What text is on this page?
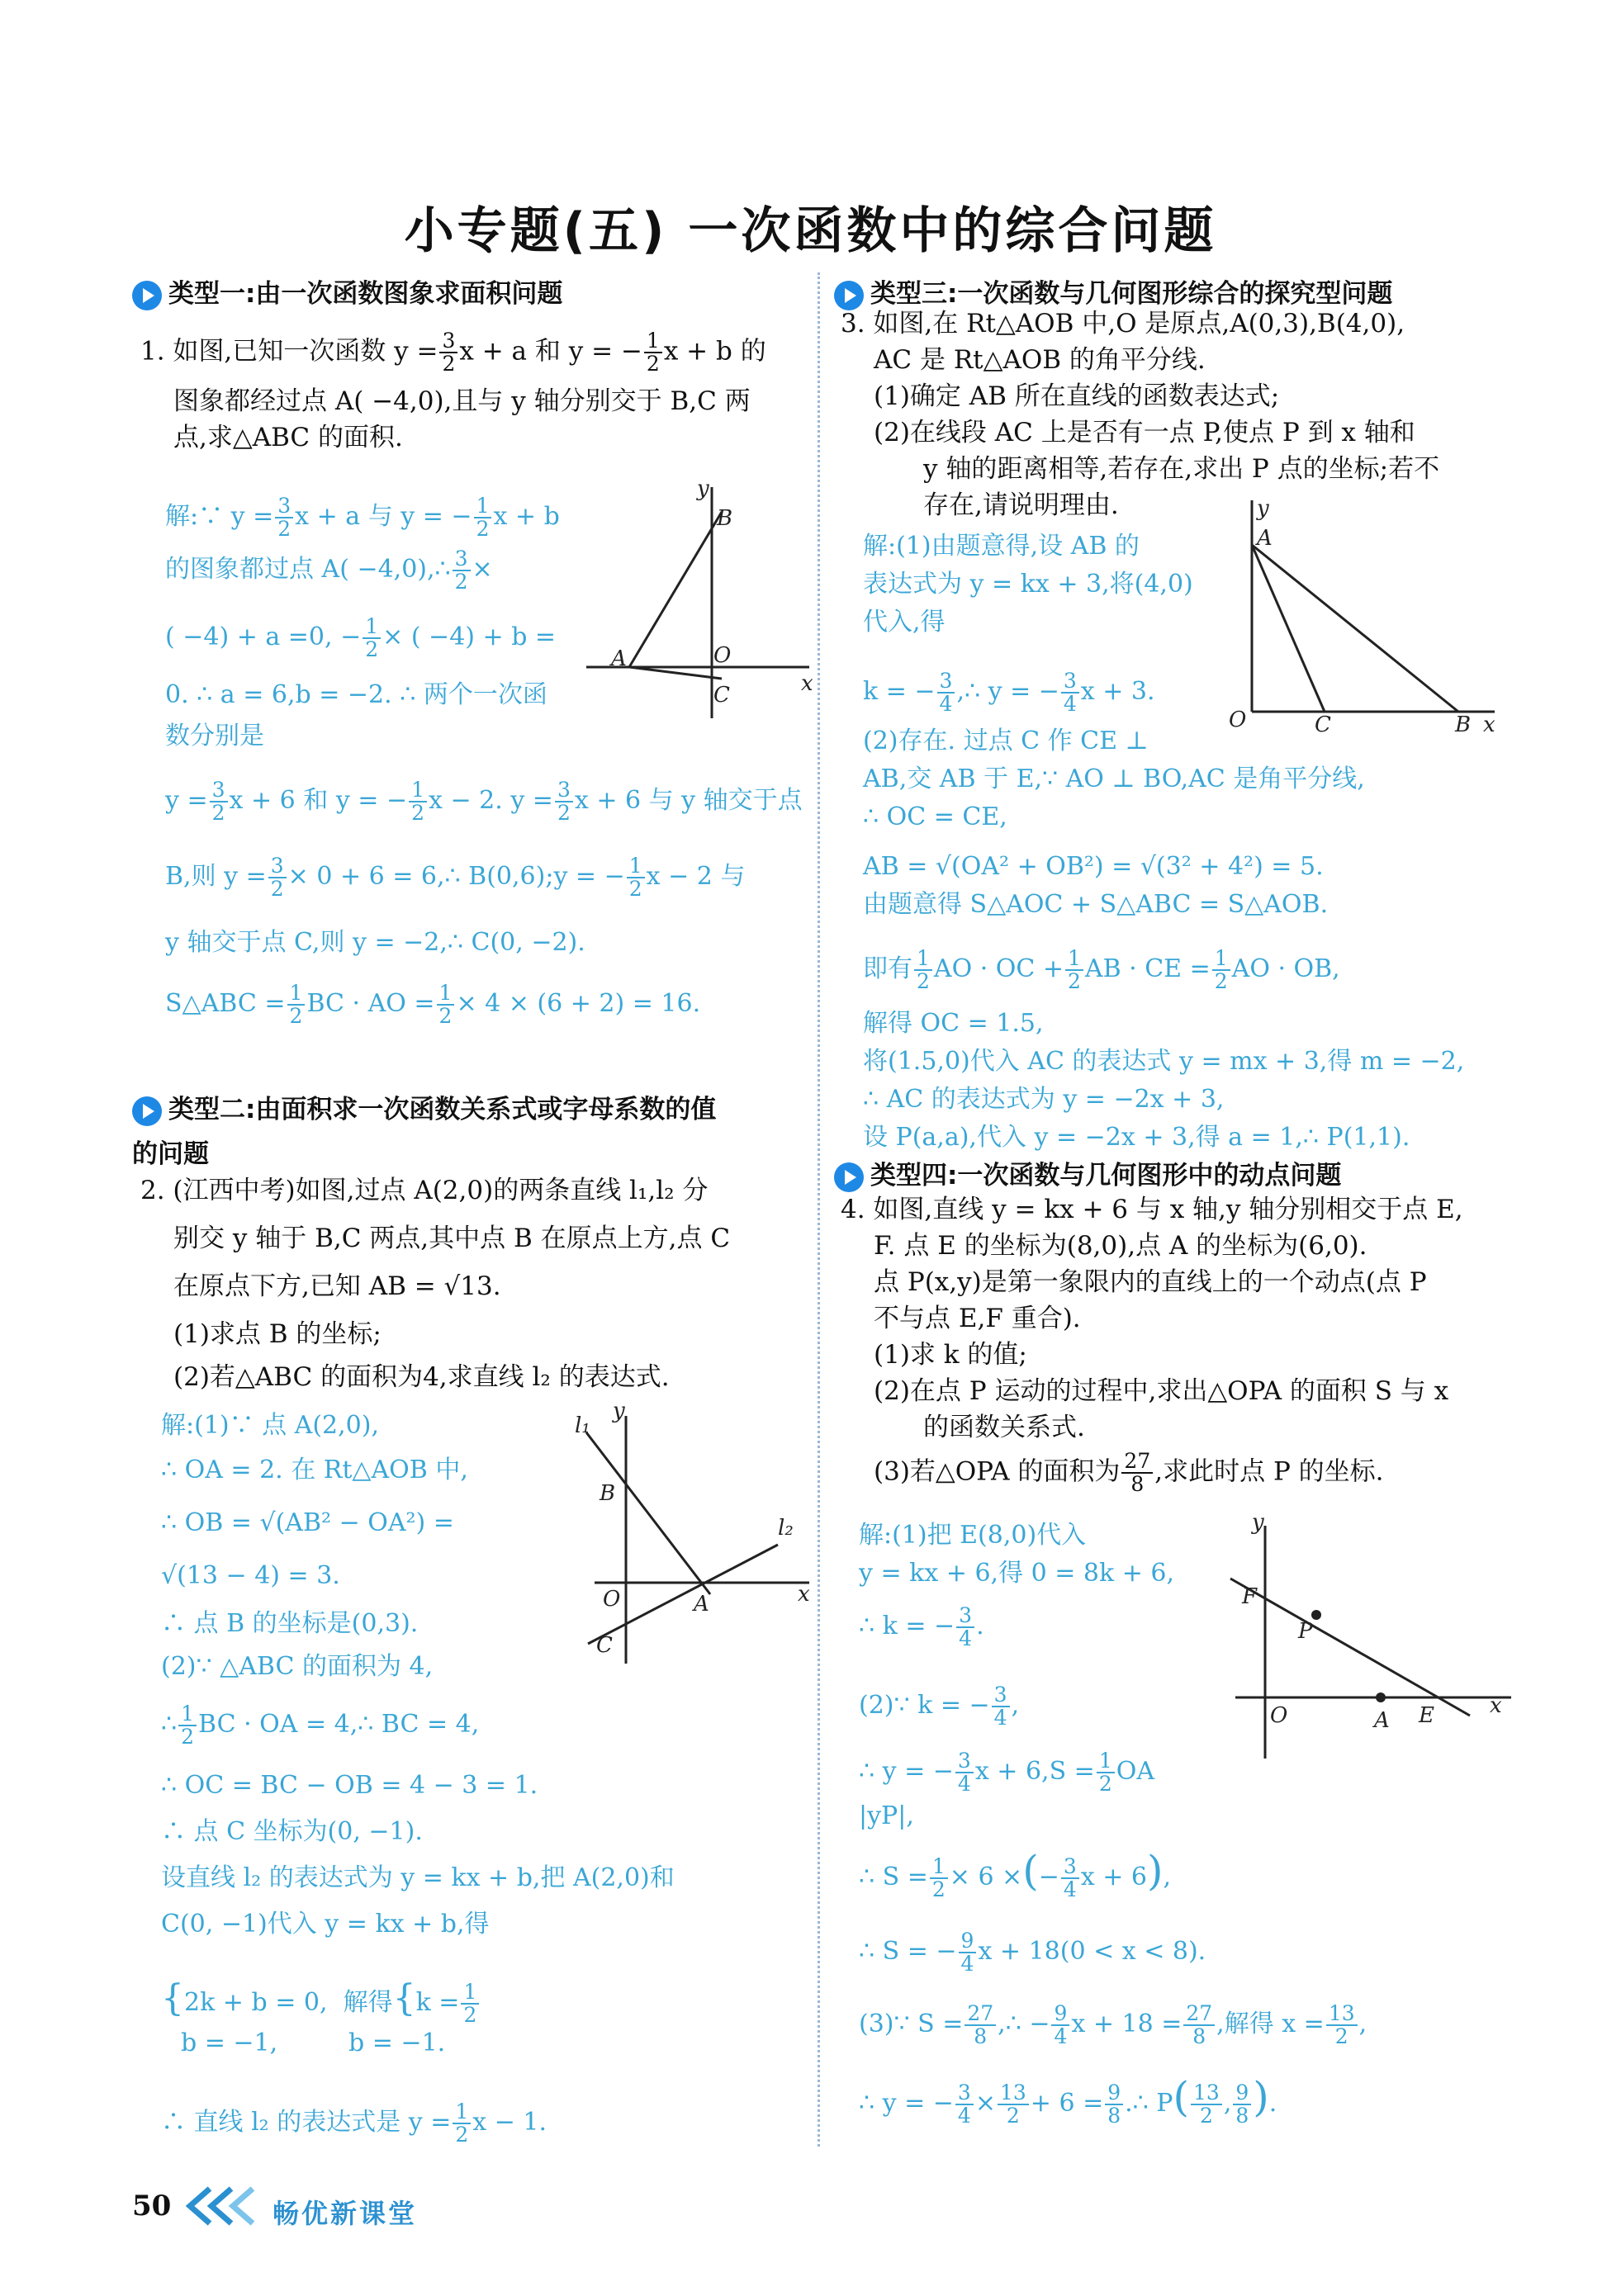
小专题(五) 一次函数中的综合问题
类型一:由一次函数图象求面积问题
1. 如图,已知一次函数 $y = \frac{3}{2}$ x + a 和 y = − $\frac{1}{2}$ x + b 的
图象都经过点 A( −4,0),且与 y 轴分别交于 B,C 两
点,求△ABC 的面积.
解:∵ $y = \frac{3}{2}$ x + a 与 y = − $\frac{1}{2}$ x + b
的图象都过点 A( −4,0),∴ $\frac{3}{2}$ ×
( −4) + a =0, − $\frac{1}{2}$ × ( −4) + b =
0. ∴ a = 6,b = −2. ∴ 两个一次函
数分别是
$y = \frac{3}{2}$ x + 6 和 y = − $\frac{1}{2}$ x − 2. $y = \frac{3}{2}$ x + 6 与 y 轴交于点
B,则 $y = \frac{3}{2} \times 0 + 6$ = 6,∴ B(0,6);y = − $\frac{1}{2}$ x − 2 与
y 轴交于点 C,则 y = −2,∴ C(0, −2).
S△ABC = $\frac{1}{2}$ BC · AO = $\frac{1}{2} \times 4 \times (6 + 2) = 16$.
y
x
A
B
O
C
类型二:由面积求一次函数关系式或字母系数的值
的问题
2. (江西中考)如图,过点 A(2,0)的两条直线 l₁,l₂ 分
别交 y 轴于 B,C 两点,其中点 B 在原点上方,点 C
在原点下方,已知 AB = √13.
(1)求点 B 的坐标;
(2)若△ABC 的面积为4,求直线 l₂ 的表达式.
解:(1)∵ 点 A(2,0),
∴ OA = 2. 在 Rt△AOB 中,
∴ OB = √(AB² − OA²) =
√(13 − 4) = 3.
∴ 点 B 的坐标是(0,3).
(2)∵ △ABC 的面积为 4,
∴ $\frac{1}{2}$ BC · OA = 4,∴ BC = 4,
∴ OC = BC − OB = 4 − 3 = 1.
∴ 点 C 坐标为(0, −1).
设直线 l₂ 的表达式为 y = kx + b,把 A(2,0)和
C(0, −1)代入 y = kx + b,得
{2k + b = 0, 解得{$k = \frac{1}{2}$
b = −1,	b = −1.
∴ 直线 l₂ 的表达式是 $y = \frac{1}{2}$ x − 1.
l₁
y
B
l₂
O	A	x
C
类型三:一次函数与几何图形综合的探究型问题
3. 如图,在 Rt△AOB 中,O 是原点,A(0,3),B(4,0),
AC 是 Rt△AOB 的角平分线.
(1)确定 AB 所在直线的函数表达式;
(2)在线段 AC 上是否有一点 P,使点 P 到 x 轴和
y 轴的距离相等,若存在,求出 P 点的坐标;若不
存在,请说明理由.
解:(1)由题意得,设 AB 的
表达式为 y = kx + 3,将(4,0)
代入,得
k = − $\frac{3}{4}$ ,∴ y = − $\frac{3}{4}$ x + 3.
(2)存在. 过点 C 作 CE ⊥
AB,交 AB 于 E,∵ AO ⊥ BO,AC 是角平分线,
∴ OC = CE,
AB = √(OA² + OB²) = √(3² + 4²) = 5.
由题意得 S△AOC + S△ABC = S△AOB.
即有 $\frac{1}{2}$ AO · OC + $\frac{1}{2}$ AB · CE = $\frac{1}{2}$ AO · OB,
解得 OC = 1.5,
将(1.5,0)代入 AC 的表达式 y = mx + 3,得 m = −2,
∴ AC 的表达式为 y = −2x + 3,
设 P(a,a),代入 y = −2x + 3,得 a = 1,∴ P(1,1).
y
A
O	C	B x
类型四:一次函数与几何图形中的动点问题
4. 如图,直线 y = kx + 6 与 x 轴,y 轴分别相交于点 E,
F. 点 E 的坐标为(8,0),点 A 的坐标为(6,0).
点 P(x,y)是第一象限内的直线上的一个动点(点 P
不与点 E,F 重合).
(1)求 k 的值;
(2)在点 P 运动的过程中,求出△OPA 的面积 S 与 x
的函数关系式.
(3)若△OPA 的面积为 $\frac{27}{8}$ ,求此时点 P 的坐标.
解:(1)把 E(8,0)代入
y = kx + 6,得 0 = 8k + 6,
∴ k = − $\frac{3}{4}$ .
(2)∵ k = − $\frac{3}{4}$ ,
∴ y = − $\frac{3}{4}$ $x + 6,S = \frac{1}{2}$ OA
|yP|,
∴ $S = \frac{1}{2} \times 6$ ×(− $\frac{3}{4}$ x + 6),
∴ S = − $\frac{9}{4}$ x + 18(0 < x < 8).
(3)∵ $S = \frac{27}{8}$ ,∴ − $\frac{9}{4}$ $x + 18 = \frac{27}{8}$ ,解得 $x = \frac{13}{2}$ ,
∴ y = − $\frac{3}{4} \times \frac{13}{2} + 6 = \frac{9}{8}$ .∴ $P( \frac{13}{2}$ , $\frac{9}{8}$ ).
y
F
P
O	A E	x
50	畅优新课堂
